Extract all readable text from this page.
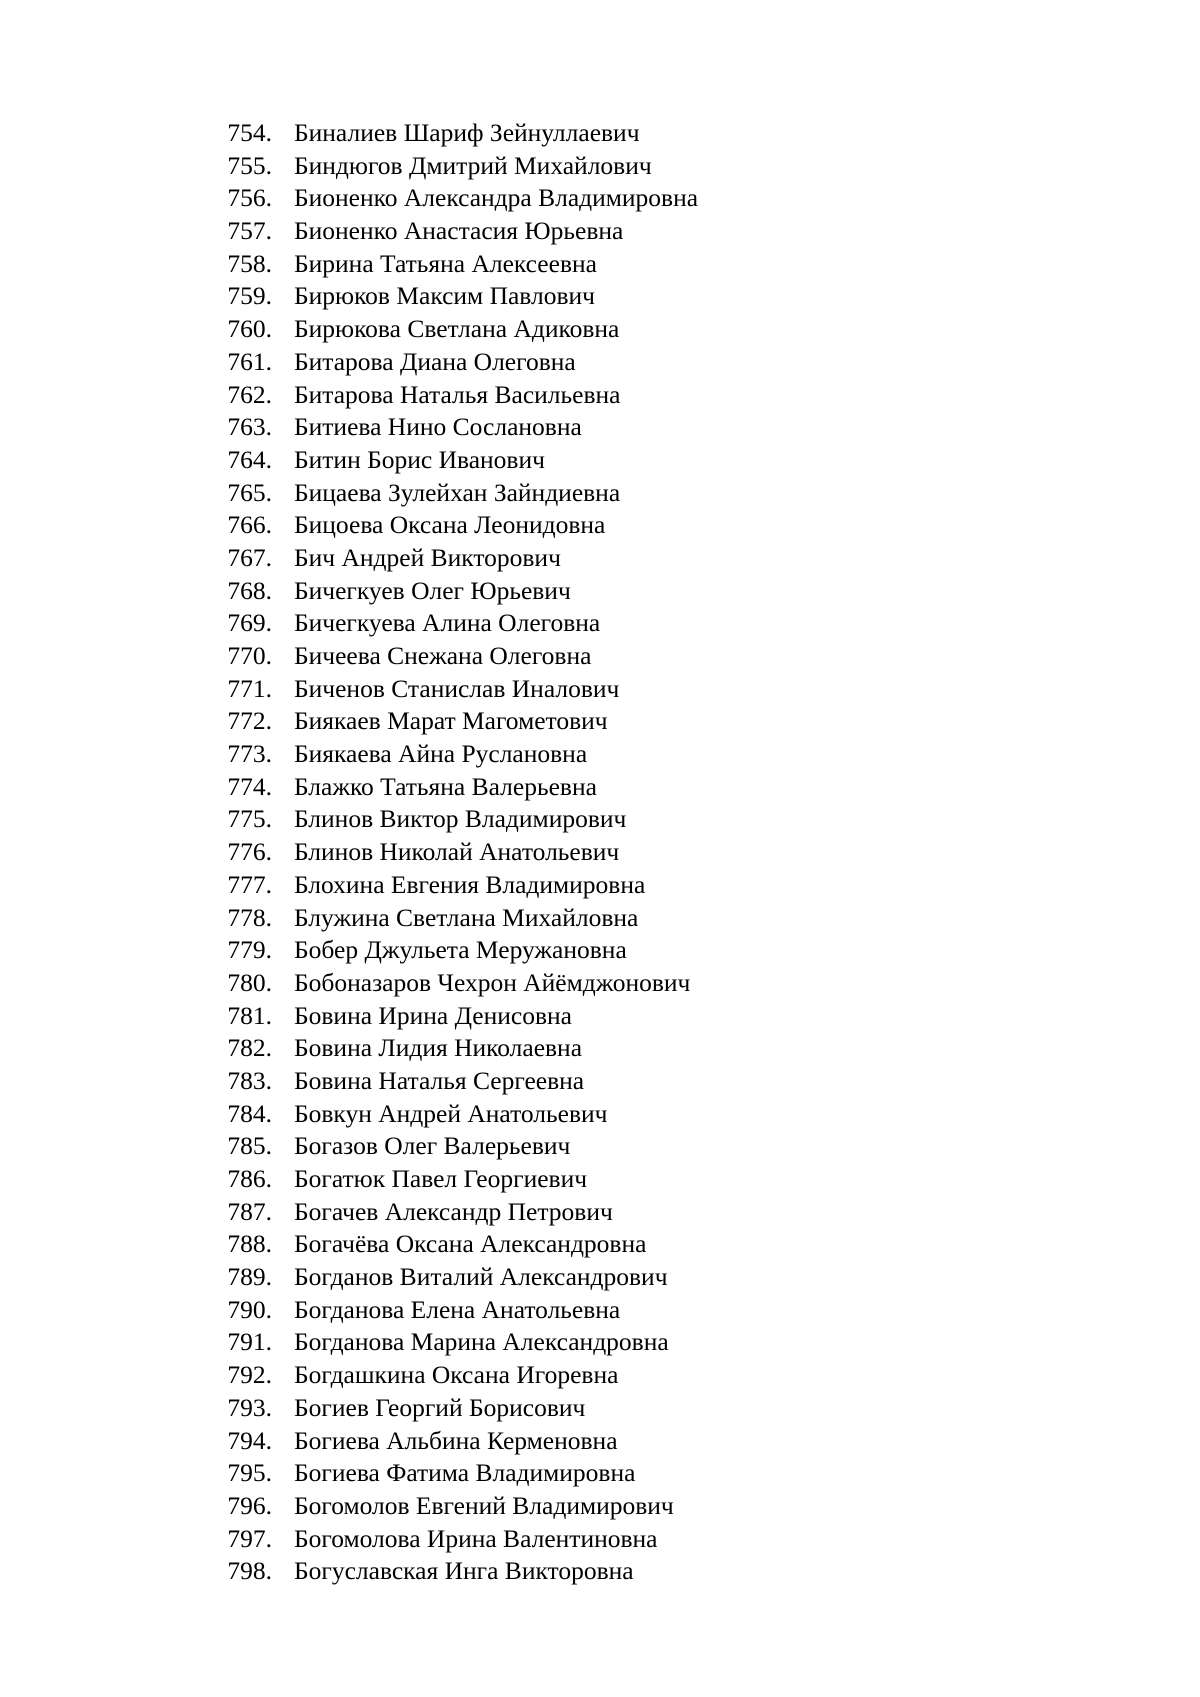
754. Биналиев Шариф Зейнуллаевич
755. Биндюгов Дмитрий Михайлович
756. Бионенко Александра Владимировна
757. Бионенко Анастасия Юрьевна
758. Бирина Татьяна Алексеевна
759. Бирюков Максим Павлович
760. Бирюкова Светлана Адиковна
761. Битарова Диана Олеговна
762. Битарова Наталья Васильевна
763. Битиева Нино Сослановна
764. Битин Борис Иванович
765. Бицаева Зулейхан Зайндиевна
766. Бицоева Оксана Леонидовна
767. Бич Андрей Викторович
768. Бичегкуев Олег Юрьевич
769. Бичегкуева Алина Олеговна
770. Бичеева Снежана Олеговна
771. Биченов Станислав Иналович
772. Биякаев Марат Магометович
773. Биякаева Айна Руслановна
774. Блажко Татьяна Валерьевна
775. Блинов Виктор Владимирович
776. Блинов Николай Анатольевич
777. Блохина Евгения Владимировна
778. Блужина Светлана Михайловна
779. Бобер Джульета Меружановна
780. Бобоназаров Чехрон Айёмджонович
781. Бовина Ирина Денисовна
782. Бовина Лидия Николаевна
783. Бовина Наталья Сергеевна
784. Бовкун Андрей Анатольевич
785. Богазов Олег Валерьевич
786. Богатюк Павел Георгиевич
787. Богачев Александр Петрович
788. Богачёва Оксана Александровна
789. Богданов Виталий Александрович
790. Богданова Елена Анатольевна
791. Богданова Марина Александровна
792. Богдашкина Оксана Игоревна
793. Богиев Георгий Борисович
794. Богиева Альбина Керменовна
795. Богиева Фатима Владимировна
796. Богомолов Евгений Владимирович
797. Богомолова Ирина Валентиновна
798. Богуславская Инга Викторовна
